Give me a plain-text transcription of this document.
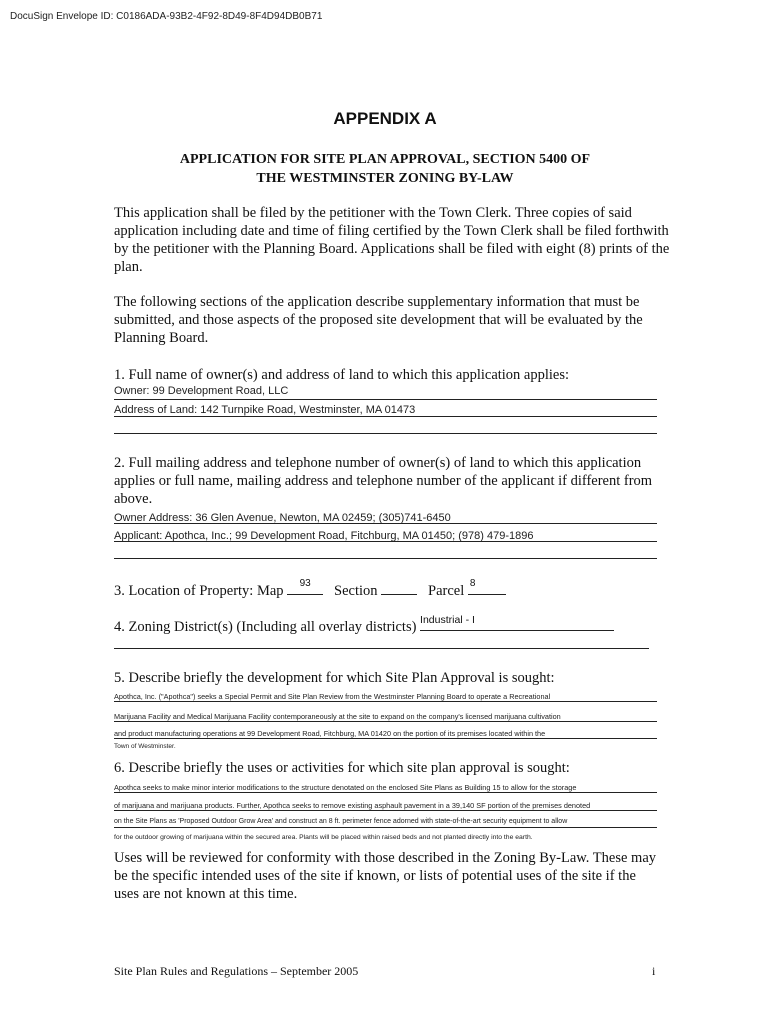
DocuSign Envelope ID: C0186ADA-93B2-4F92-8D49-8F4D94DB0B71
APPENDIX A
APPLICATION FOR SITE PLAN APPROVAL, SECTION 5400 OF
THE WESTMINSTER ZONING BY-LAW
This application shall be filed by the petitioner with the Town Clerk. Three copies of said application including date and time of filing certified by the Town Clerk shall be filed forthwith by the petitioner with the Planning Board. Applications shall be filed with eight (8) prints of the plan.
The following sections of the application describe supplementary information that must be submitted, and those aspects of the proposed site development that will be evaluated by the Planning Board.
1. Full name of owner(s) and address of land to which this application applies:
Owner: 99 Development Road, LLC
Address of Land: 142 Turnpike Road, Westminster, MA 01473
2. Full mailing address and telephone number of owner(s) of land to which this application applies or full name, mailing address and telephone number of the applicant if different from above.
Owner Address: 36 Glen Avenue, Newton, MA 02459; (305)741-6450
Applicant: Apothca, Inc.; 99 Development Road, Fitchburg, MA 01450; (978) 479-1896
3. Location of Property: Map	93	Section	Parcel 8
4. Zoning District(s) (Including all overlay districts) Industrial - I
5. Describe briefly the development for which Site Plan Approval is sought:
Apothca, Inc. ("Apothca") seeks a Special Permit and Site Plan Review from the Westminster Planning Board to operate a Recreational
Marijuana Facility and Medical Marijuana Facility contemporaneously at the site to expand on the company's licensed marijuana cultivation
and product manufacturing operations at 99 Development Road, Fitchburg, MA 01420 on the portion of its premises located within the
Town of Westminster.
6. Describe briefly the uses or activities for which site plan approval is sought:
Apothca seeks to make minor interior modifications to the structure denotated on the enclosed Site Plans as Building 15 to allow for the storage
of marijuana and marijuana products. Further, Apothca seeks to remove existing asphault pavement in a 39,140 SF portion of the premises denoted
on the Site Plans as 'Proposed Outdoor Grow Area' and construct an 8 ft. perimeter fence adorned with state-of-the-art security equipment to allow
for the outdoor growing of marijuana within the secured area. Plants will be placed within raised beds and not planted directly into the earth.
Uses will be reviewed for conformity with those described in the Zoning By-Law. These may be the specific intended uses of the site if known, or lists of potential uses of the site if the uses are not known at this time.
Site Plan Rules and Regulations – September 2005	i
